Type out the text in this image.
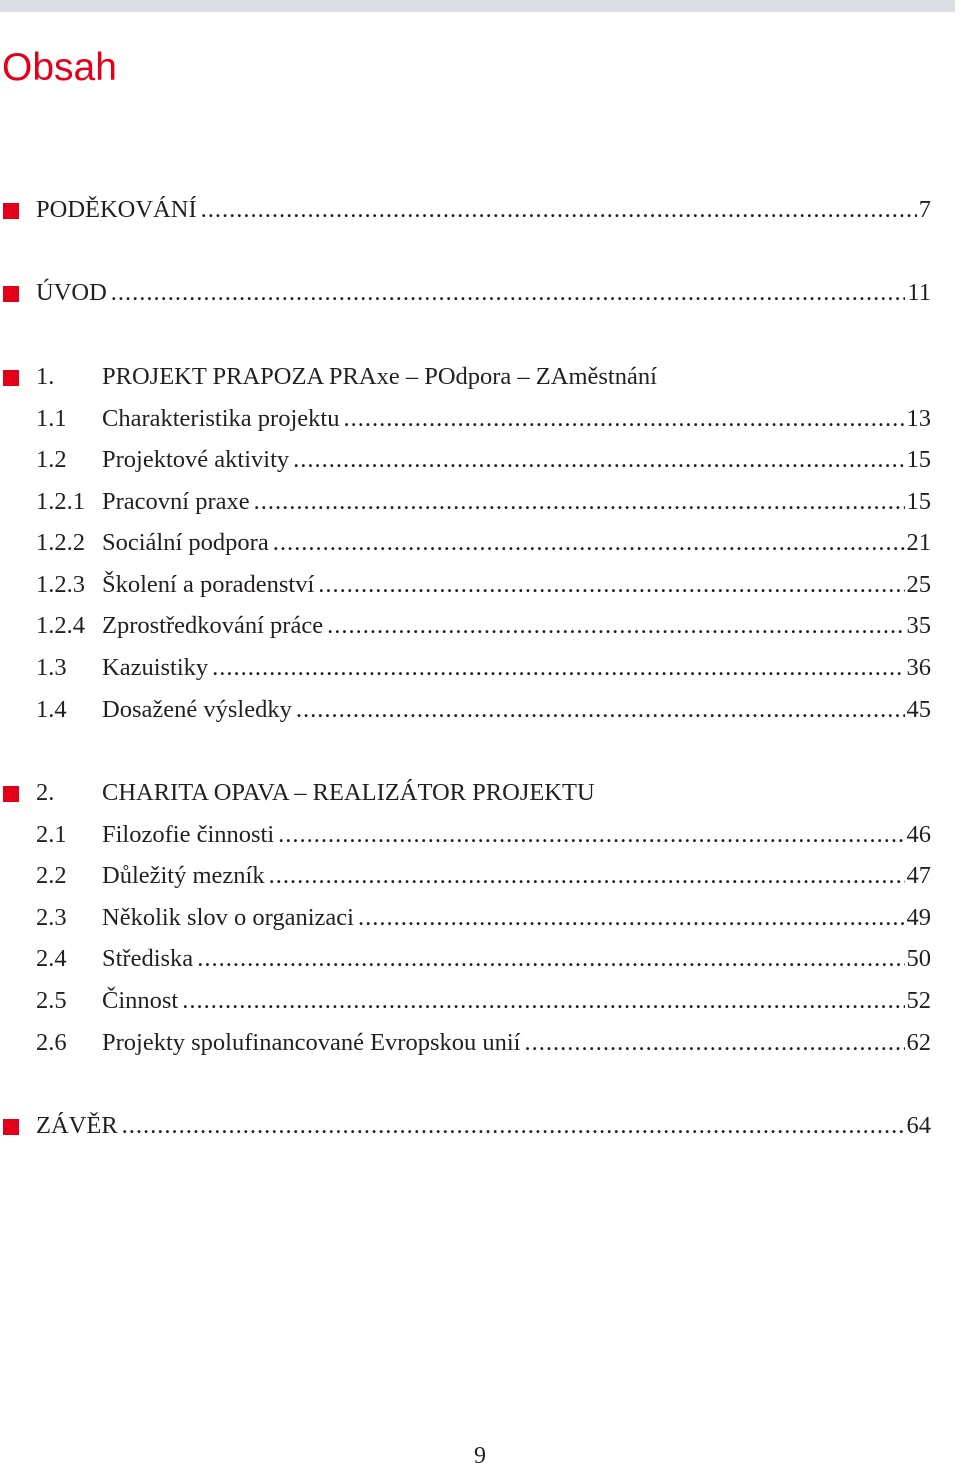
Obsah
PODĚKOVÁNÍ .....	7
ÚVOD .....	11
1. PROJEKT PRAPOZA PRAxe – POdpora – ZAměstnání
1.1 Charakteristika projektu .....	13
1.2 Projektové aktivity .....	15
1.2.1 Pracovní praxe .....	15
1.2.2 Sociální podpora .....	21
1.2.3 Školení a poradenství .....	25
1.2.4 Zprostředkování práce .....	35
1.3 Kazuistiky .....	36
1.4 Dosažené výsledky .....	45
2. CHARITA OPAVA – REALIZÁTOR PROJEKTU
2.1 Filozofie činnosti .....	46
2.2 Důležitý mezník .....	47
2.3 Několik slov o organizaci .....	49
2.4 Střediska .....	50
2.5 Činnost .....	52
2.6 Projekty spolufinancované Evropskou unií .....	62
ZÁVĚR .....	64
9
